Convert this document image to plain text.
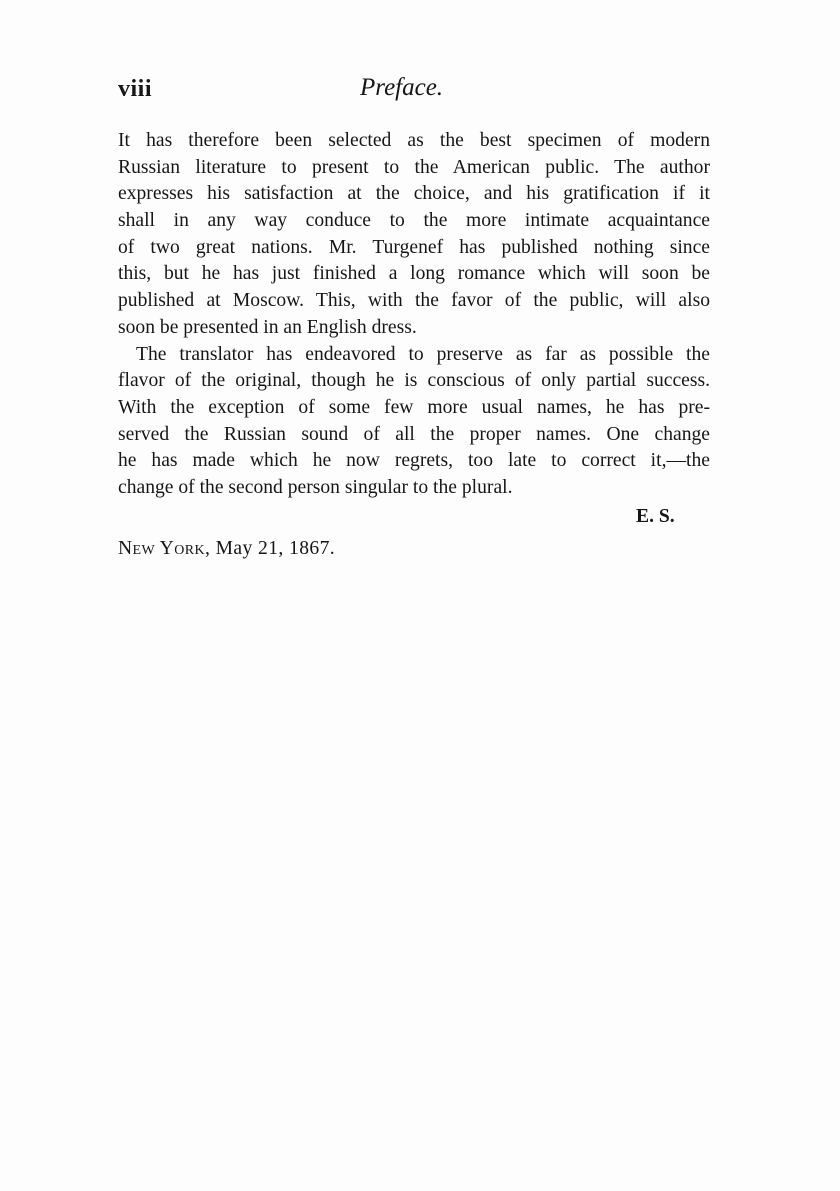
viii	Preface.
It has therefore been selected as the best specimen of modern
Russian literature to present to the American public. The author
expresses his satisfaction at the choice, and his gratification if it
shall in any way conduce to the more intimate acquaintance
of two great nations. Mr. Turgenef has published nothing since
this, but he has just finished a long romance which will soon be
published at Moscow. This, with the favor of the public, will also
soon be presented in an English dress.
The translator has endeavored to preserve as far as possible the
flavor of the original, though he is conscious of only partial success.
With the exception of some few more usual names, he has pre-
served the Russian sound of all the proper names. One change
he has made which he now regrets, too late to correct it,—the
change of the second person singular to the plural.
E. S.
New York, May 21, 1867.
